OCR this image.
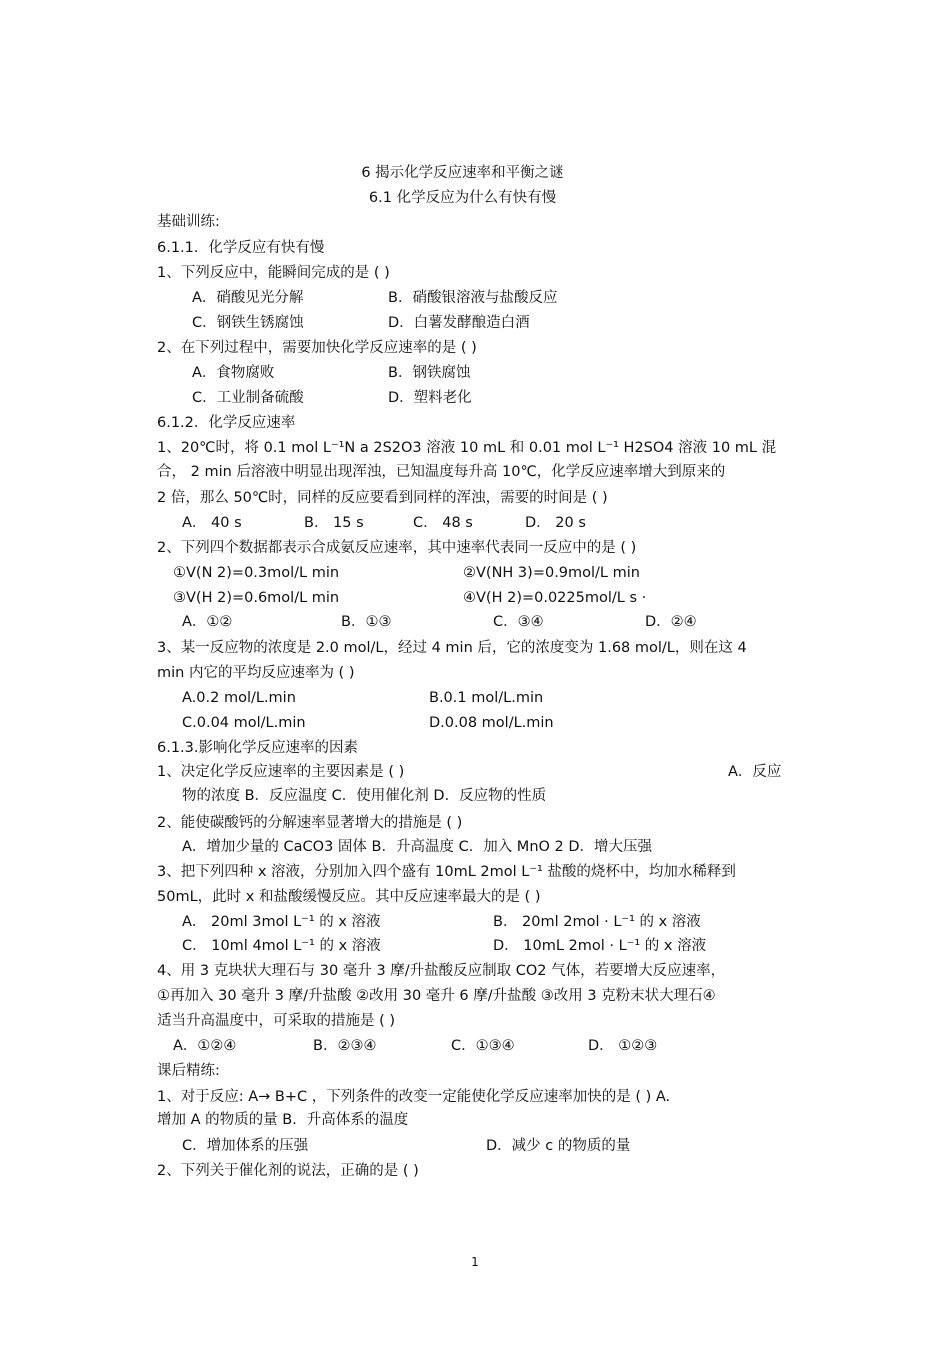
6 揭示化学反应速率和平衡之谜
6.1 化学反应为什么有快有慢
基础训练:
6.1.1．化学反应有快有慢
1、下列反应中，能瞬间完成的是 ( )
A．硝酸见光分解	B．硝酸银溶液与盐酸反应
C．钢铁生锈腐蚀	D．白薯发酵酿造白酒
2、在下列过程中，需要加快化学反应速率的是 ( )
A．食物腐败	B．钢铁腐蚀
C．工业制备硫酸	D．塑料老化
6.1.2．化学反应速率
1、20℃时，将 0.1 mol L⁻¹N a 2S2O3 溶液 10 mL 和 0.01 mol L⁻¹ H2SO4 溶液 10 mL 混
合， 2 min 后溶液中明显出现浑浊，已知温度每升高 10℃，化学反应速率增大到原来的
2 倍，那么 50℃时，同样的反应要看到同样的浑浊，需要的时间是 ( )
A． 40 s	B． 15 s	C． 48 s	D． 20 s
2、下列四个数据都表示合成氨反应速率，其中速率代表同一反应中的是 ( )
①V(N 2)=0.3mol/L min	②V(NH 3)=0.9mol/L min
③V(H 2)=0.6mol/L min	④V(H 2)=0.0225mol/L s ·
A．①②	B．①③	C．③④	D．②④
3、某一反应物的浓度是 2.0 mol/L，经过 4 min 后，它的浓度变为 1.68 mol/L，则在这 4
min 内它的平均反应速率为 ( )
A.0.2 mol/L.min	B.0.1 mol/L.min
C.0.04 mol/L.min	D.0.08 mol/L.min
6.1.3.影响化学反应速率的因素
1、决定化学反应速率的主要因素是 ( )	A．反应
物的浓度 B．反应温度 C．使用催化剂 D．反应物的性质
2、能使碳酸钙的分解速率显著增大的措施是 ( )
A．增加少量的 CaCO3 固体 B．升高温度 C．加入 MnO 2 D．增大压强
3、把下列四种 x 溶液，分别加入四个盛有 10mL 2mol L⁻¹ 盐酸的烧杯中，均加水稀释到
50mL，此时 x 和盐酸缓慢反应。其中反应速率最大的是 ( )
A． 20ml 3mol L⁻¹ 的 x 溶液	B． 20ml 2mol · L⁻¹ 的 x 溶液
C． 10ml 4mol L⁻¹ 的 x 溶液	D． 10mL 2mol · L⁻¹ 的 x 溶液
4、用 3 克块状大理石与 30 毫升 3 摩/升盐酸反应制取 CO2 气体，若要增大反应速率，
①再加入 30 毫升 3 摩/升盐酸 ②改用 30 毫升 6 摩/升盐酸 ③改用 3 克粉末状大理石④
适当升高温度中，可采取的措施是 ( )
A．①②④	B．②③④	C．①③④	D． ①②③
课后精练:
1、对于反应: A→ B+C ，下列条件的改变一定能使化学反应速率加快的是 ( ) A.
增加 A 的物质的量 B．升高体系的温度
C．增加体系的压强	D．减少 c 的物质的量
2、下列关于催化剂的说法，正确的是 ( )
1
